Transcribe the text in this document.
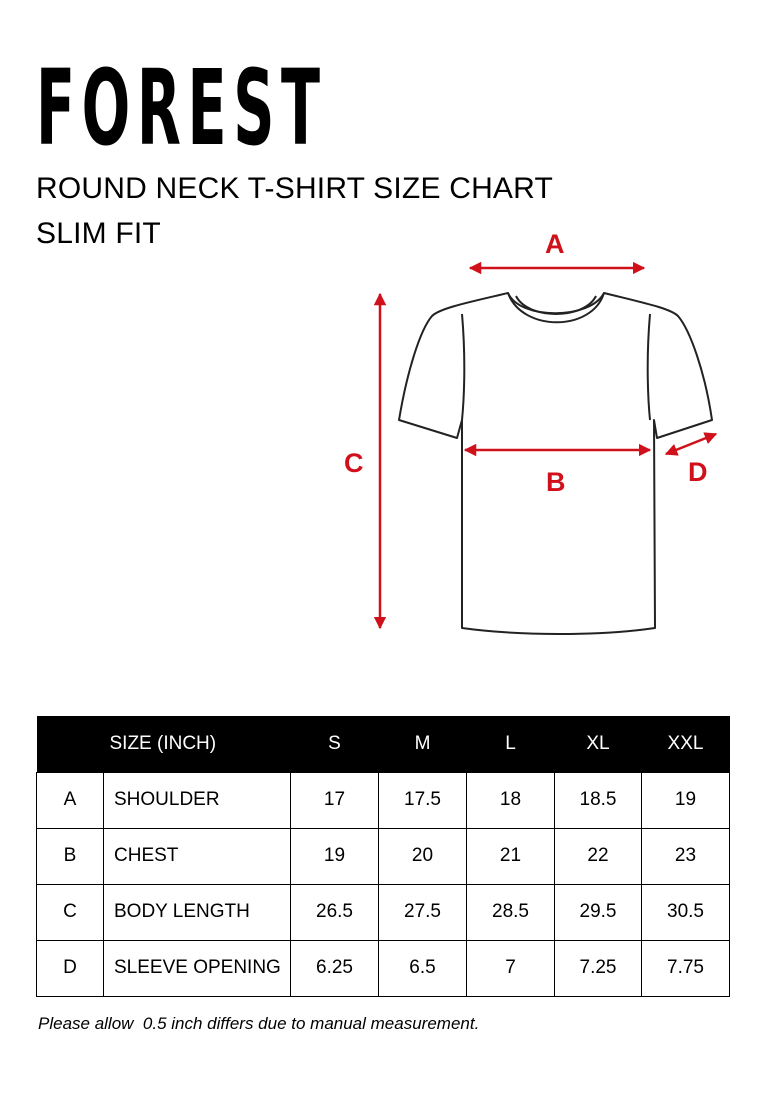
FOREST
ROUND NECK T-SHIRT SIZE CHART
SLIM FIT	A
B
C	D
	SIZE (INCH)	S	M	L	XL	XXL
A	SHOULDER	17	17.5	18	18.5	19
B	CHEST	19	20	21	22	23
C	BODY LENGTH	26.5	27.5	28.5	29.5	30.5
D	SLEEVE OPENING	6.25	6.5	7	7.25	7.75
Please allow  0.5 inch differs due to manual measurement.
